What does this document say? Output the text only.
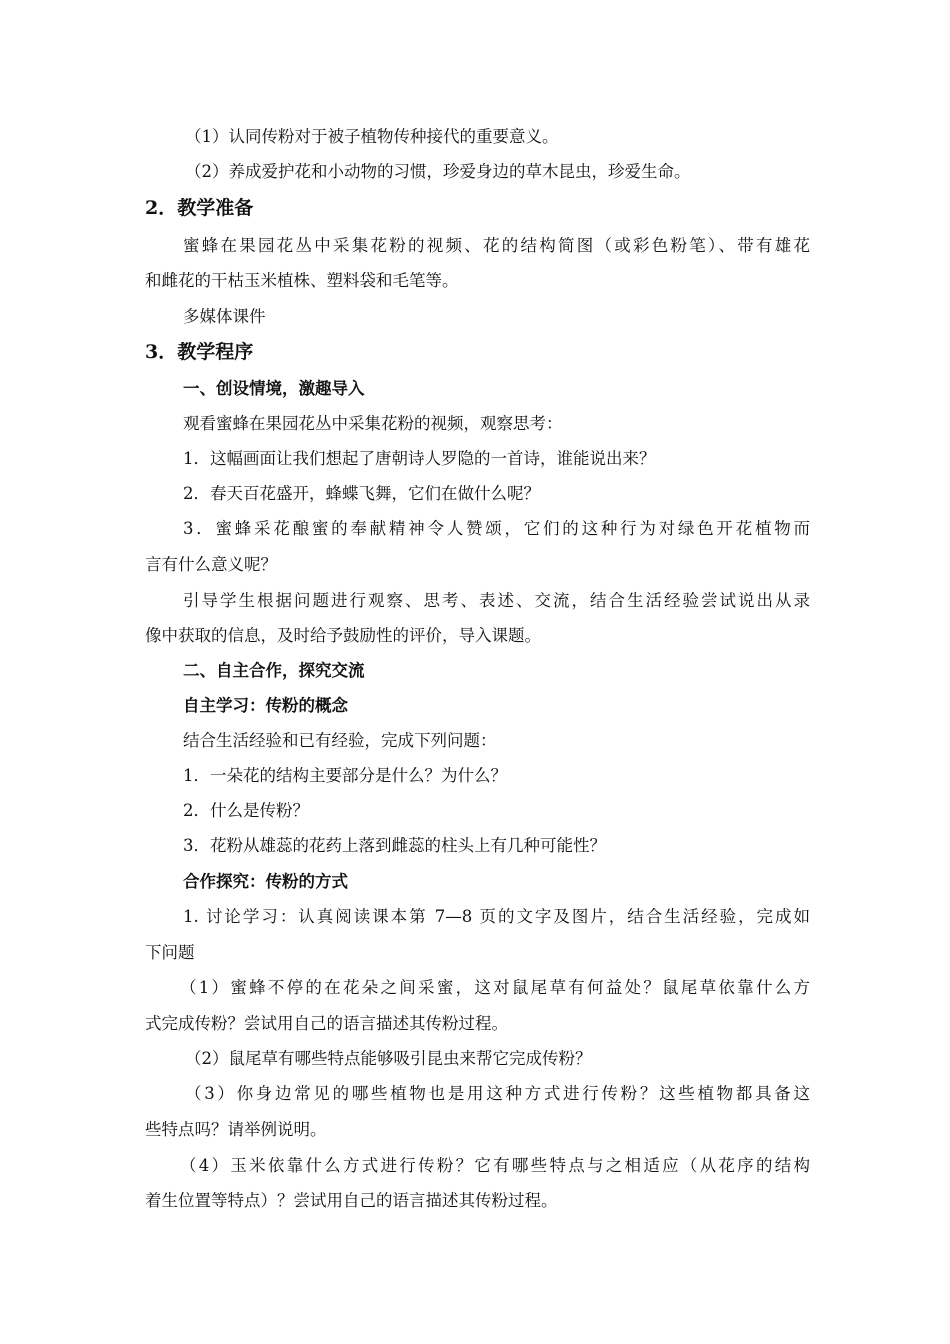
（1）认同传粉对于被子植物传种接代的重要意义。
（2）养成爱护花和小动物的习惯，珍爱身边的草木昆虫，珍爱生命。
2．教学准备
蜜蜂在果园花丛中采集花粉的视频、花的结构简图（或彩色粉笔）、带有雄花
和雌花的干枯玉米植株、塑料袋和毛笔等。
多媒体课件
3．教学程序
一、创设情境，激趣导入
观看蜜蜂在果园花丛中采集花粉的视频，观察思考：
1．这幅画面让我们想起了唐朝诗人罗隐的一首诗，谁能说出来？
2．春天百花盛开，蜂蝶飞舞，它们在做什么呢？
3．蜜蜂采花酿蜜的奉献精神令人赞颂，它们的这种行为对绿色开花植物而
言有什么意义呢？
引导学生根据问题进行观察、思考、表述、交流，结合生活经验尝试说出从录
像中获取的信息，及时给予鼓励性的评价，导入课题。
二、自主合作，探究交流
自主学习：传粉的概念
结合生活经验和已有经验，完成下列问题：
1．一朵花的结构主要部分是什么？为什么？
2．什么是传粉？
3．花粉从雄蕊的花药上落到雌蕊的柱头上有几种可能性？
合作探究：传粉的方式
1. 讨论学习：认真阅读课本第 7—8 页的文字及图片，结合生活经验，完成如
下问题
（1）蜜蜂不停的在花朵之间采蜜，这对鼠尾草有何益处？鼠尾草依靠什么方
式完成传粉？尝试用自己的语言描述其传粉过程。
（2）鼠尾草有哪些特点能够吸引昆虫来帮它完成传粉？
（3）你身边常见的哪些植物也是用这种方式进行传粉？这些植物都具备这
些特点吗？请举例说明。
（4）玉米依靠什么方式进行传粉？它有哪些特点与之相适应（从花序的结构
着生位置等特点）？尝试用自己的语言描述其传粉过程。
